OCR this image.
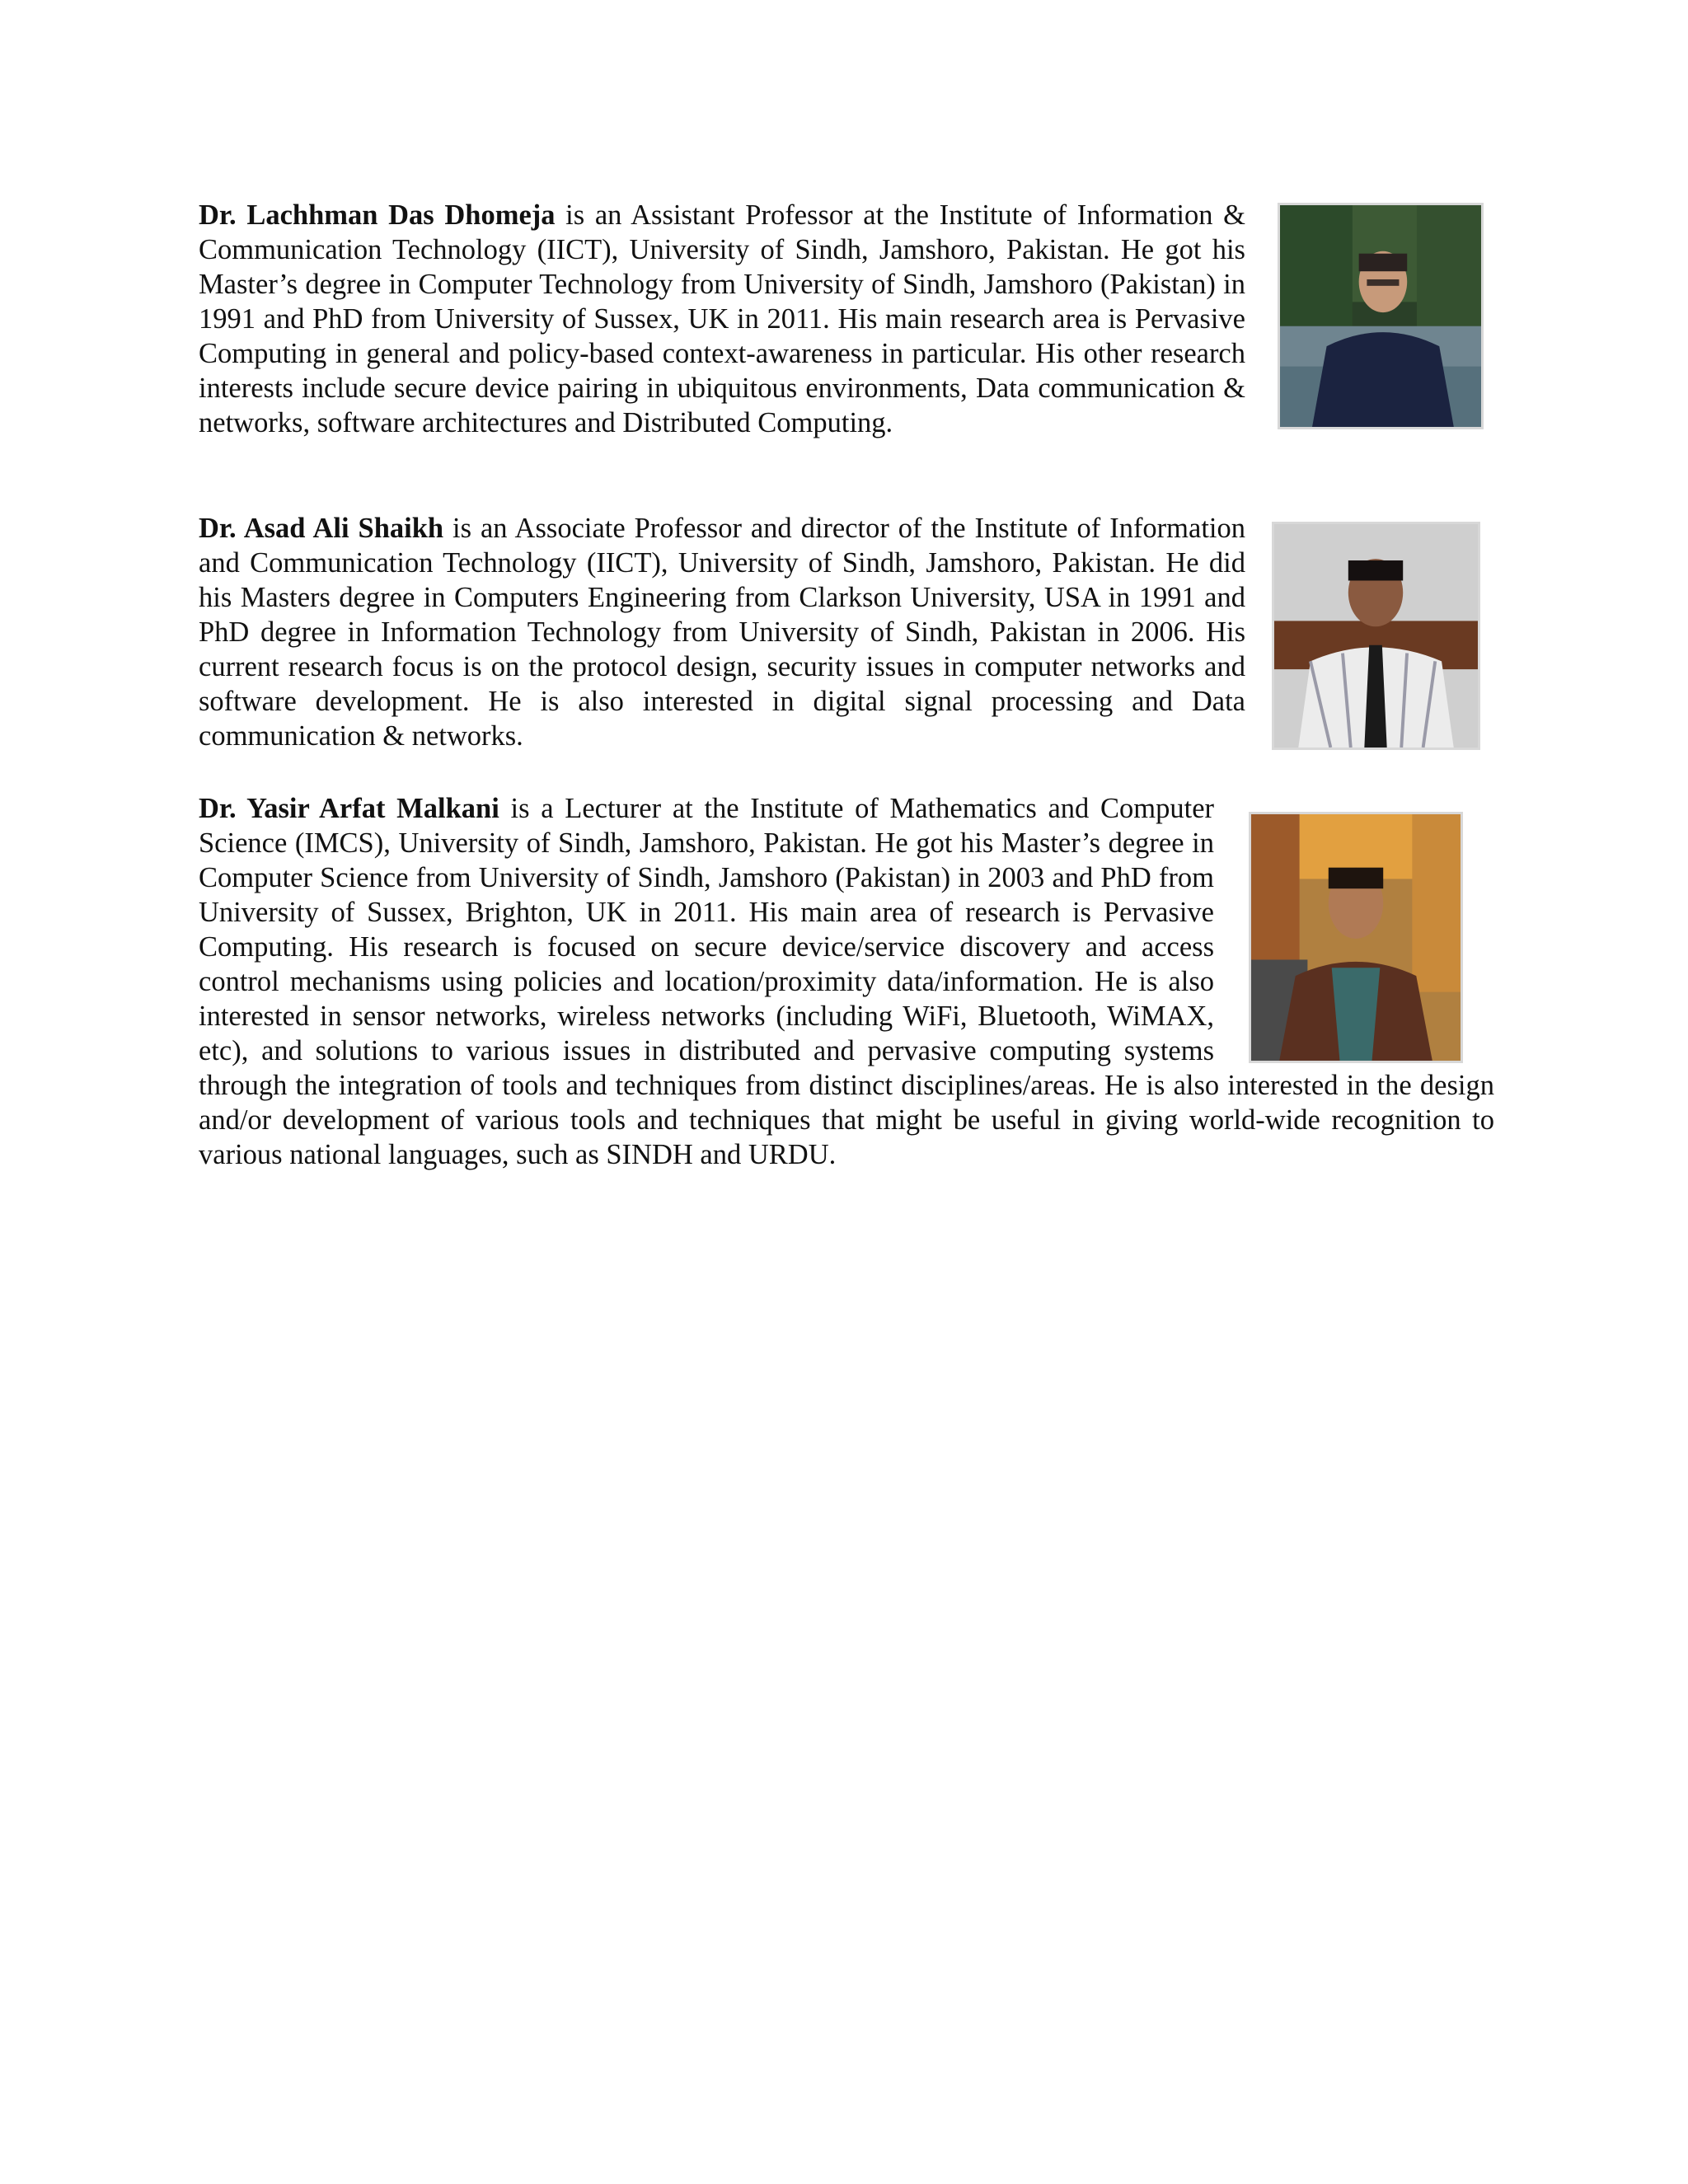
Dr. Lachhman Das Dhomeja is an Assistant Professor at the Institute of Information & Communication Technology (IICT), University of Sindh, Jamshoro, Pakistan. He got his Master’s degree in Computer Technology from University of Sindh, Jamshoro (Pakistan) in 1991 and PhD from University of Sussex, UK in 2011. His main research area is Pervasive Computing in general and policy-based context-awareness in particular. His other research interests include secure device pairing in ubiquitous environments, Data communication & networks, software architectures and Distributed Computing.

Dr. Asad Ali Shaikh is an Associate Professor and director of the Institute of Information and Communication Technology (IICT), University of Sindh, Jamshoro, Pakistan. He did his Masters degree in Computers Engineering from Clarkson University, USA in 1991 and PhD degree in Information Technology from University of Sindh, Pakistan in 2006. His current research focus is on the protocol design, security issues in computer networks and software development. He is also interested in digital signal processing and Data communication & networks.

Dr. Yasir Arfat Malkani is a Lecturer at the Institute of Mathematics and Computer Science (IMCS), University of Sindh, Jamshoro, Pakistan. He got his Master’s degree in Computer Science from University of Sindh, Jamshoro (Pakistan) in 2003 and PhD from University of Sussex, Brighton, UK in 2011. His main area of research is Pervasive Computing. His research is focused on secure device/service discovery and access control mechanisms using policies and location/proximity data/information. He is also interested in sensor networks, wireless networks (including WiFi, Bluetooth, WiMAX, etc), and solutions to various issues in distributed and pervasive computing systems through the integration of tools and techniques from distinct disciplines/areas. He is also interested in the design and/or development of various tools and techniques that might be useful in giving world-wide recognition to various national languages, such as SINDH and URDU.
